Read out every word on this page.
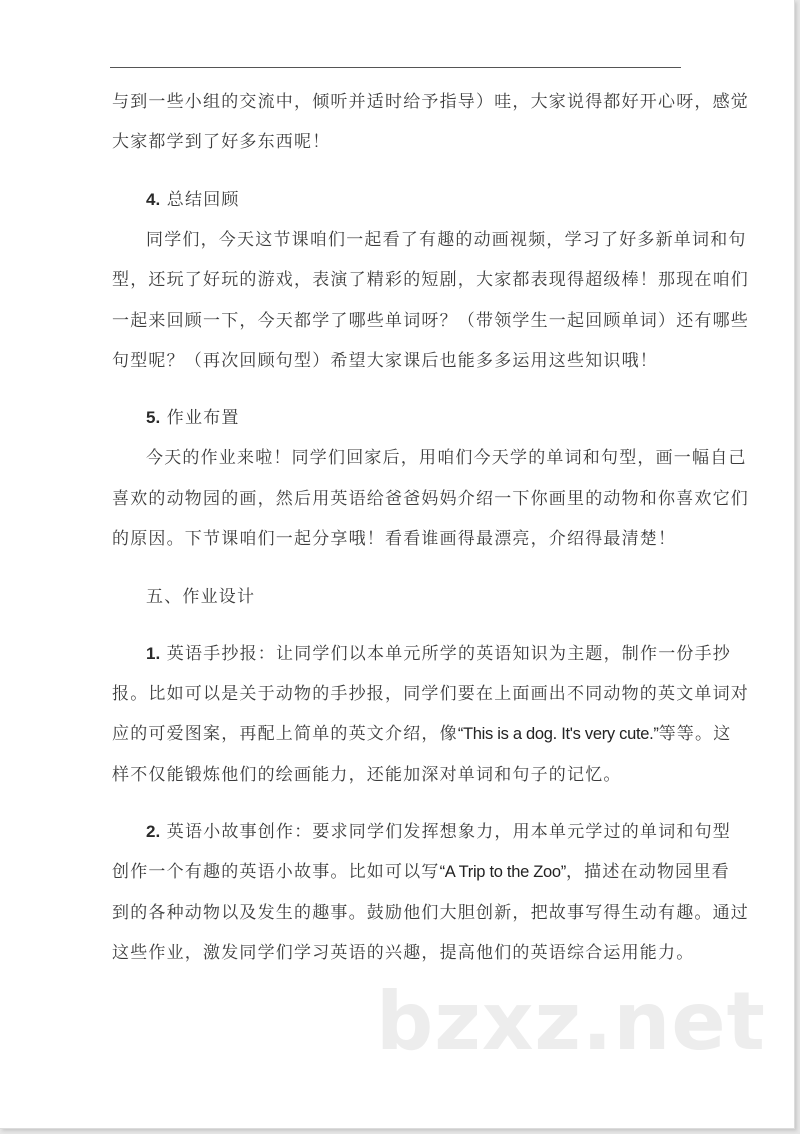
与到一些小组的交流中，倾听并适时给予指导）哇，大家说得都好开心呀，感觉
大家都学到了好多东西呢！
4. 总结回顾
同学们，今天这节课咱们一起看了有趣的动画视频，学习了好多新单词和句
型，还玩了好玩的游戏，表演了精彩的短剧，大家都表现得超级棒！那现在咱们
一起来回顾一下，今天都学了哪些单词呀？（带领学生一起回顾单词）还有哪些
句型呢？（再次回顾句型）希望大家课后也能多多运用这些知识哦！
5. 作业布置
今天的作业来啦！同学们回家后，用咱们今天学的单词和句型，画一幅自己
喜欢的动物园的画，然后用英语给爸爸妈妈介绍一下你画里的动物和你喜欢它们
的原因。下节课咱们一起分享哦！看看谁画得最漂亮，介绍得最清楚！
五、作业设计
1. 英语手抄报：让同学们以本单元所学的英语知识为主题，制作一份手抄
报。比如可以是关于动物的手抄报，同学们要在上面画出不同动物的英文单词对
应的可爱图案，再配上简单的英文介绍，像“This is a dog. It's very cute.”等等。这
样不仅能锻炼他们的绘画能力，还能加深对单词和句子的记忆。
2. 英语小故事创作：要求同学们发挥想象力，用本单元学过的单词和句型
创作一个有趣的英语小故事。比如可以写“A Trip to the Zoo”，描述在动物园里看
到的各种动物以及发生的趣事。鼓励他们大胆创新，把故事写得生动有趣。通过
这些作业，激发同学们学习英语的兴趣，提高他们的英语综合运用能力。
bzxz.net
